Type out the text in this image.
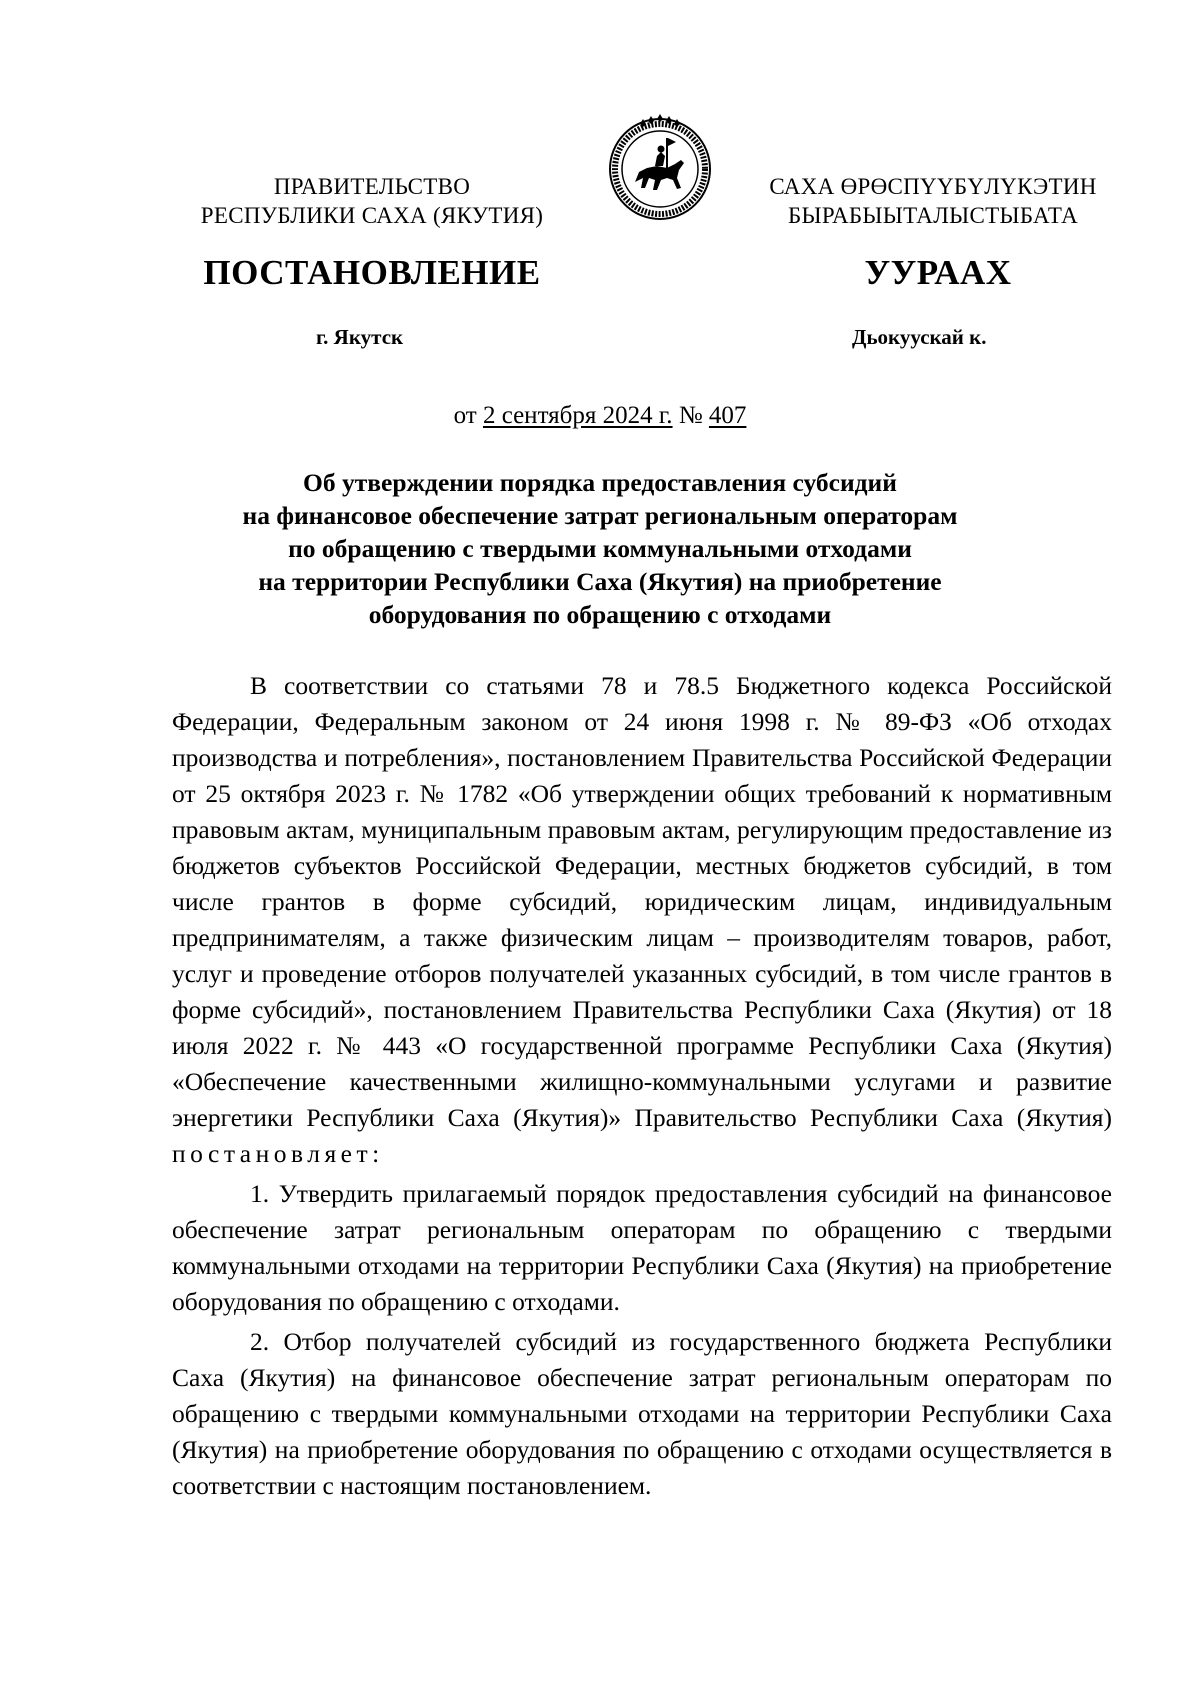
ПРАВИТЕЛЬСТВО
РЕСПУБЛИКИ САХА (ЯКУТИЯ)
САХА ӨРӨСПҮҮБҮЛҮКЭТИН
БЫРАБЫЫТАЛЫСТЫБАТА
ПОСТАНОВЛЕНИЕ	УУРААХ
г. Якутск	Дьокуускай к.
от 2 сентября 2024 г. № 407
Об утверждении порядка предоставления субсидий
на финансовое обеспечение затрат региональным операторам
по обращению с твердыми коммунальными отходами
на территории Республики Саха (Якутия) на приобретение
оборудования по обращению с отходами

В соответствии со статьями 78 и 78.5 Бюджетного кодекса Российской Федерации, Федеральным законом от 24 июня 1998 г. № 89-ФЗ «Об отходах производства и потребления», постановлением Правительства Российской Федерации от 25 октября 2023 г. № 1782 «Об утверждении общих требований к нормативным правовым актам, муниципальным правовым актам, регулирующим предоставление из бюджетов субъектов Российской Федерации, местных бюджетов субсидий, в том числе грантов в форме субсидий, юридическим лицам, индивидуальным предпринимателям, а также физическим лицам – производителям товаров, работ, услуг и проведение отборов получателей указанных субсидий, в том числе грантов в форме субсидий», постановлением Правительства Республики Саха (Якутия) от 18 июля 2022 г. № 443 «О государственной программе Республики Саха (Якутия) «Обеспечение качественными жилищно-коммунальными услугами и развитие энергетики Республики Саха (Якутия)» Правительство Республики Саха (Якутия) постановляет:

1. Утвердить прилагаемый порядок предоставления субсидий на финансовое обеспечение затрат региональным операторам по обращению с твердыми коммунальными отходами на территории Республики Саха (Якутия) на приобретение оборудования по обращению с отходами.

2. Отбор получателей субсидий из государственного бюджета Республики Саха (Якутия) на финансовое обеспечение затрат региональным операторам по обращению с твердыми коммунальными отходами на территории Республики Саха (Якутия) на приобретение оборудования по обращению с отходами осуществляется в соответствии с настоящим постановлением.
